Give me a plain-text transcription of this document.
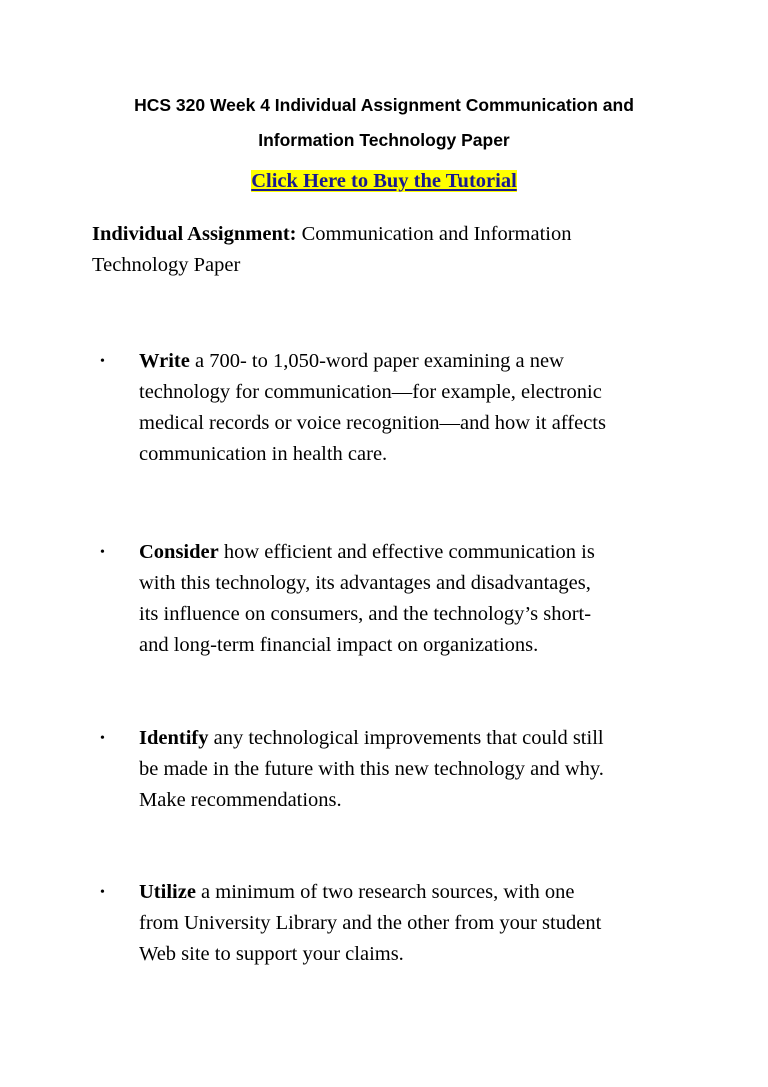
HCS 320 Week 4 Individual Assignment Communication and
Information Technology Paper
Click Here to Buy the Tutorial
Individual Assignment: Communication and Information
Technology Paper
• Write a 700- to 1,050-word paper examining a new
technology for communication—for example, electronic
medical records or voice recognition—and how it affects
communication in health care.
• Consider how efficient and effective communication is
with this technology, its advantages and disadvantages,
its influence on consumers, and the technology’s short-
and long-term financial impact on organizations.
• Identify any technological improvements that could still
be made in the future with this new technology and why.
Make recommendations.
• Utilize a minimum of two research sources, with one
from University Library and the other from your student
Web site to support your claims.
